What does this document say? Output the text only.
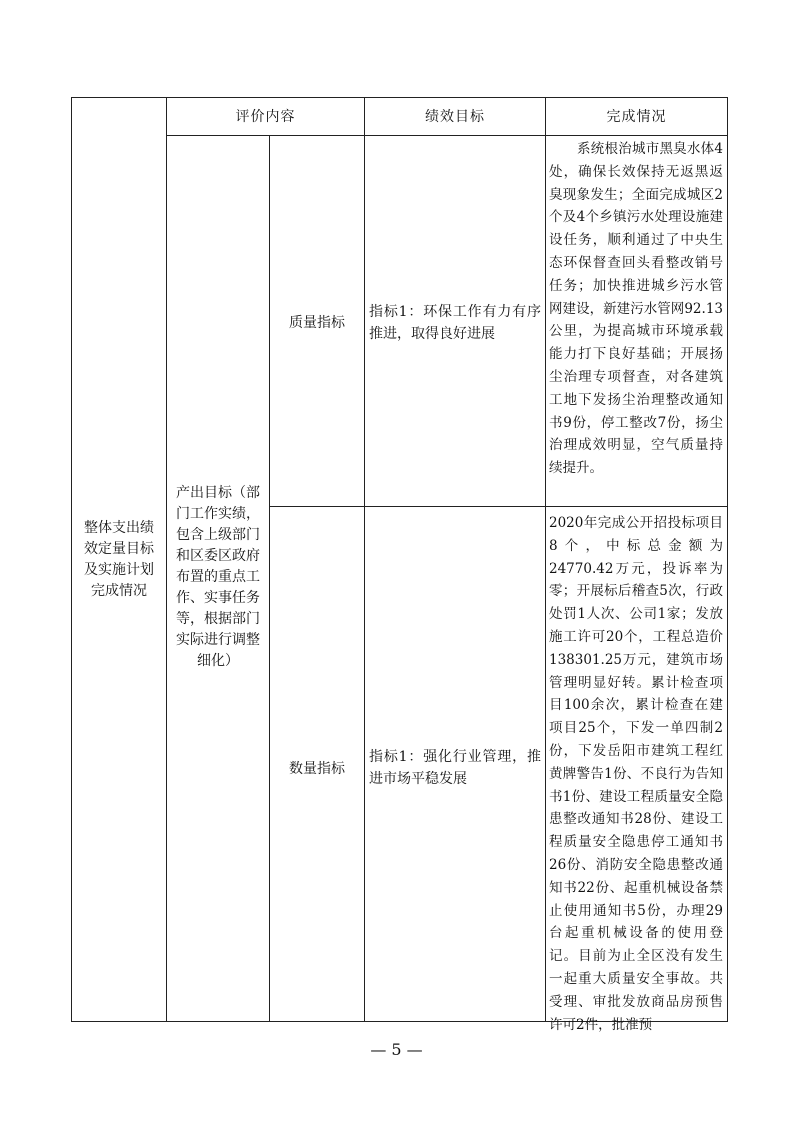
评价内容	绩效目标	完成情况
整体支出绩效定量目标及实施计划完成情况
产出目标（部门工作实绩，包含上级部门和区委区政府布置的重点工作、实事任务等，根据部门实际进行调整细化）
质量指标
指标1：环保工作有力有序推进，取得良好进展
系统根治城市黑臭水体4处，确保长效保持无返黑返臭现象发生；全面完成城区2个及4个乡镇污水处理设施建设任务，顺利通过了中央生态环保督查回头看整改销号任务；加快推进城乡污水管网建设，新建污水管网92.13公里，为提高城市环境承载能力打下良好基础；开展扬尘治理专项督查，对各建筑工地下发扬尘治理整改通知书9份，停工整改7份，扬尘治理成效明显，空气质量持续提升。
数量指标
指标1：强化行业管理，推进市场平稳发展
2020年完成公开招投标项目8个，中标总金额为24770.42万元，投诉率为零；开展标后稽查5次，行政处罚1人次、公司1家；发放施工许可20个，工程总造价138301.25万元，建筑市场管理明显好转。累计检查项目100余次，累计检查在建项目25个，下发一单四制2份，下发岳阳市建筑工程红黄牌警告1份、不良行为告知书1份、建设工程质量安全隐患整改通知书28份、建设工程质量安全隐患停工通知书26份、消防安全隐患整改通知书22份、起重机械设备禁止使用通知书5份，办理29台起重机械设备的使用登记。目前为止全区没有发生一起重大质量安全事故。共受理、审批发放商品房预售许可2件，批准预
— 5 —
